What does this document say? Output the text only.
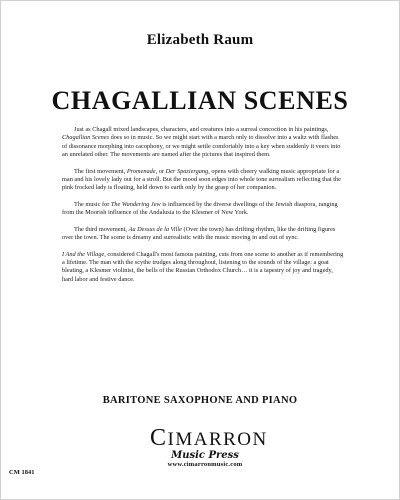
Elizabeth Raum
CHAGALLIAN SCENES

Just as Chagall mixed landscapes, characters, and creatures into a surreal concoction in his paintings, Chagallian Scenes does so in music. So we might start with a march only to dissolve into a waltz with flashes of dissonance morphing into cacophony, or we might settle comfortably into a key when suddenly it veers into an unrelated other. The movements are named after the pictures that inspired them.

The first movement, Promenade, or Der Spaziergang, opens with cheery walking music appropriate for a man and his lovely lady out for a stroll. But the mood soon edges into whole tone surrealism reflecting that the pink frocked lady is floating, held down to earth only by the grasp of her companion.

The music for The Wandering Jew is influenced by the diverse dwellings of the Jewish diaspora, ranging from the Moorish influence of the Andalusia to the Klesmer of New York.

The third movement, Au Dessus de la Ville (Over the town) has drifting rhythm, like the drifting figures over the town. The scene is dreamy and surrealistic with the music moving in and out of sync.

I And the Village, considered Chagall's most famous painting, cuts from one scene to another as if remembering a lifetime. The man with the scythe trudges along throughout, listening to the sounds of the village: a goat bleating, a Klesmer violinist, the bells of the Russian Orthodox Church… it is a tapestry of joy and tragedy, hard labor and festive dance.

BARITONE SAXOPHONE AND PIANO
CIMARRON
Music Press
www.cimarronmusic.com
CM 1841
